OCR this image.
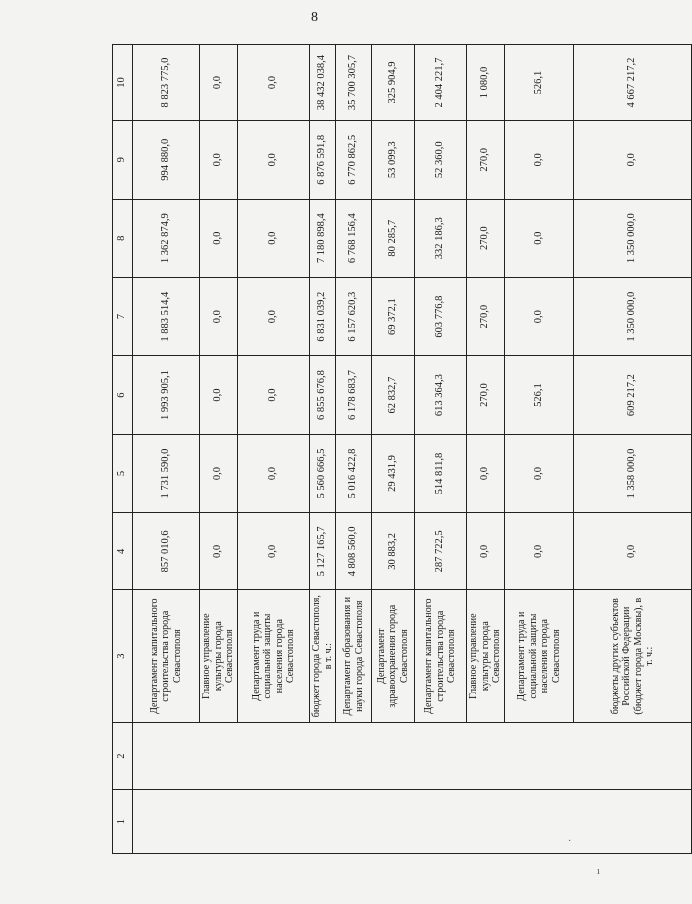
8
1	2	3	4	5	6	7	8	9	10
		Департамент капитального строительства города Севастополя	857 010,6	1 731 590,0	1 993 905,1	1 883 514,4	1 362 874,9	994 880,0	8 823 775,0
		Главное управление культуры города Севастополя	0,0	0,0	0,0	0,0	0,0	0,0	0,0
		Департамент труда и социальной защиты населения города Севастополя	0,0	0,0	0,0	0,0	0,0	0,0	0,0
		бюджет города Севастополя, в т. ч.:	5 127 165,7	5 560 666,5	6 855 676,8	6 831 039,2	7 180 898,4	6 876 591,8	38 432 038,4
		Департамент образования и науки города Севастополя	4 808 560,0	5 016 422,8	6 178 683,7	6 157 620,3	6 768 156,4	6 770 862,5	35 700 305,7
		Департамент здравоохранения города Севастополя	30 883,2	29 431,9	62 832,7	69 372,1	80 285,7	53 099,3	325 904,9
		Департамент капитального строительства города Севастополя	287 722,5	514 811,8	613 364,3	603 776,8	332 186,3	52 360,0	2 404 221,7
		Главное управление культуры города Севастополя	0,0	0,0	270,0	270,0	270,0	270,0	1 080,0
		Департамент труда и социальной защиты населения города Севастополя	0,0	0,0	526,1	0,0	0,0	0,0	526,1
		бюджеты других субъектов Российской Федерации (бюджет города Москвы), в т. ч.:	0,0	1 358 000,0	609 217,2	1 350 000,0	1 350 000,0	0,0	4 667 217,2
·
ı
